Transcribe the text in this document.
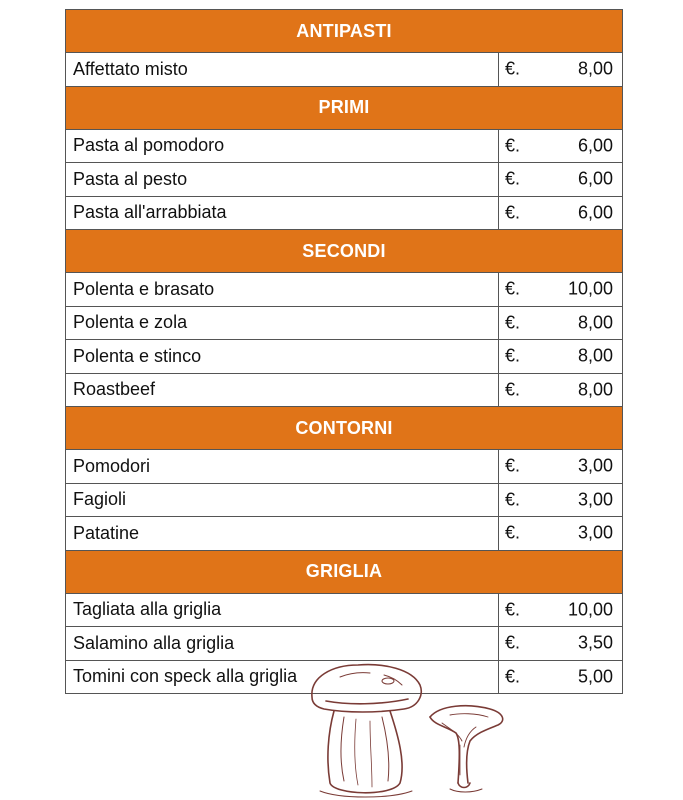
ANTIPASTI	
Affettato misto	€. 8,00

PRIMI	
Pasta al pomodoro	€. 6,00

Pasta al pesto	€. 6,00

Pasta all'arrabbiata	€. 6,00

SECONDI	
Polenta e brasato	€. 10,00

Polenta e zola	€. 8,00

Polenta e stinco	€. 8,00

Roastbeef	€. 8,00

CONTORNI	
Pomodori	€. 3,00

Fagioli	€. 3,00

Patatine	€. 3,00

GRIGLIA	
Tagliata alla griglia	€. 10,00

Salamino alla griglia	€. 3,50

Tomini con speck alla griglia	€. 5,00
